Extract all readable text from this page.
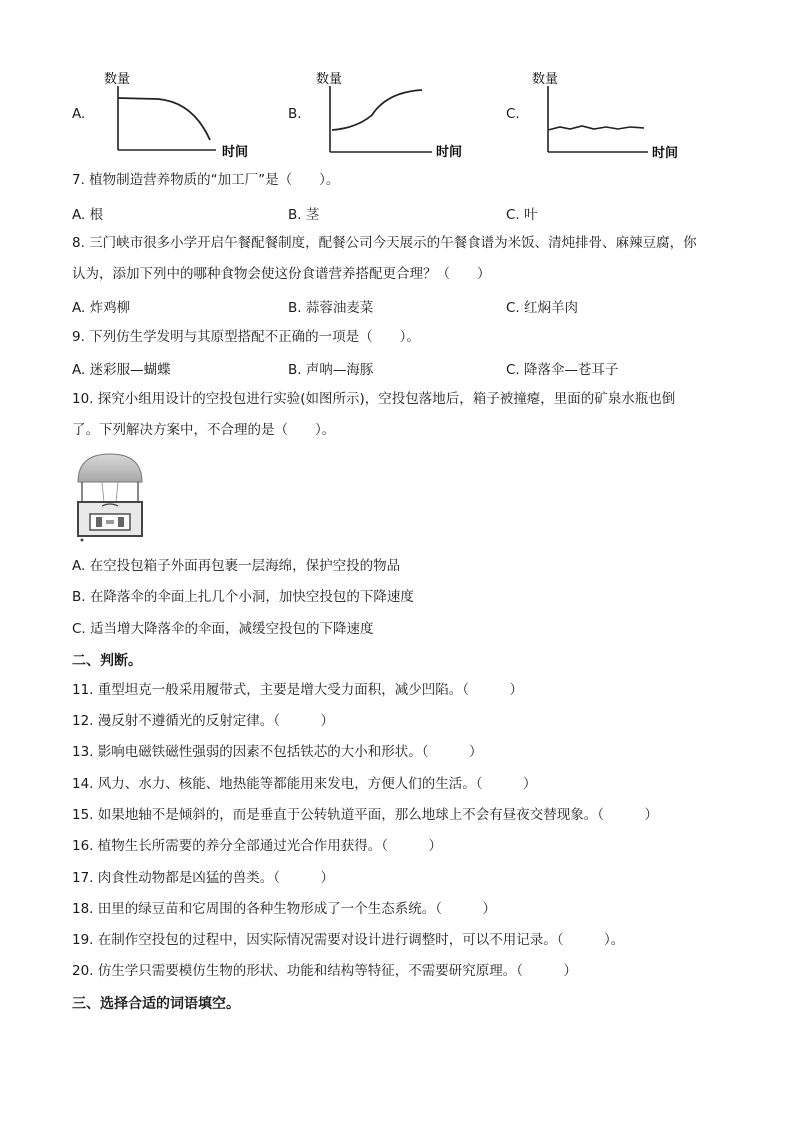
A.
数量
时间
B.
数量
时间
C.
数量
时间
7. 植物制造营养物质的“加工厂”是（　　）。
A. 根	B. 茎	C. 叶
8. 三门峡市很多小学开启午餐配餐制度，配餐公司今天展示的午餐食谱为米饭、清炖排骨、麻辣豆腐，你
认为，添加下列中的哪种食物会使这份食谱营养搭配更合理？（　　）
A. 炸鸡柳	B. 蒜蓉油麦菜	C. 红焖羊肉
9. 下列仿生学发明与其原型搭配不正确的一项是（　　）。
A. 迷彩服—蝴蝶	B. 声呐—海豚	C. 降落伞—苍耳子
10. 探究小组用设计的空投包进行实验(如图所示)，空投包落地后，箱子被撞瘪，里面的矿泉水瓶也倒
了。下列解决方案中，不合理的是（　　）。
A. 在空投包箱子外面再包裹一层海绵，保护空投的物品
B. 在降落伞的伞面上扎几个小洞，加快空投包的下降速度
C. 适当增大降落伞的伞面，减缓空投包的下降速度
二、判断。
11. 重型坦克一般采用履带式，主要是增大受力面积，减少凹陷。（　　　）
12. 漫反射不遵循光的反射定律。（　　　）
13. 影响电磁铁磁性强弱的因素不包括铁芯的大小和形状。（　　　）
14. 风力、水力、核能、地热能等都能用来发电，方便人们的生活。（　　　）
15. 如果地轴不是倾斜的，而是垂直于公转轨道平面，那么地球上不会有昼夜交替现象。（　　　）
16. 植物生长所需要的养分全部通过光合作用获得。（　　　）
17. 肉食性动物都是凶猛的兽类。（　　　）
18. 田里的绿豆苗和它周围的各种生物形成了一个生态系统。（　　　）
19. 在制作空投包的过程中，因实际情况需要对设计进行调整时，可以不用记录。（　　　）。
20. 仿生学只需要模仿生物的形状、功能和结构等特征，不需要研究原理。（　　　）
三、选择合适的词语填空。
